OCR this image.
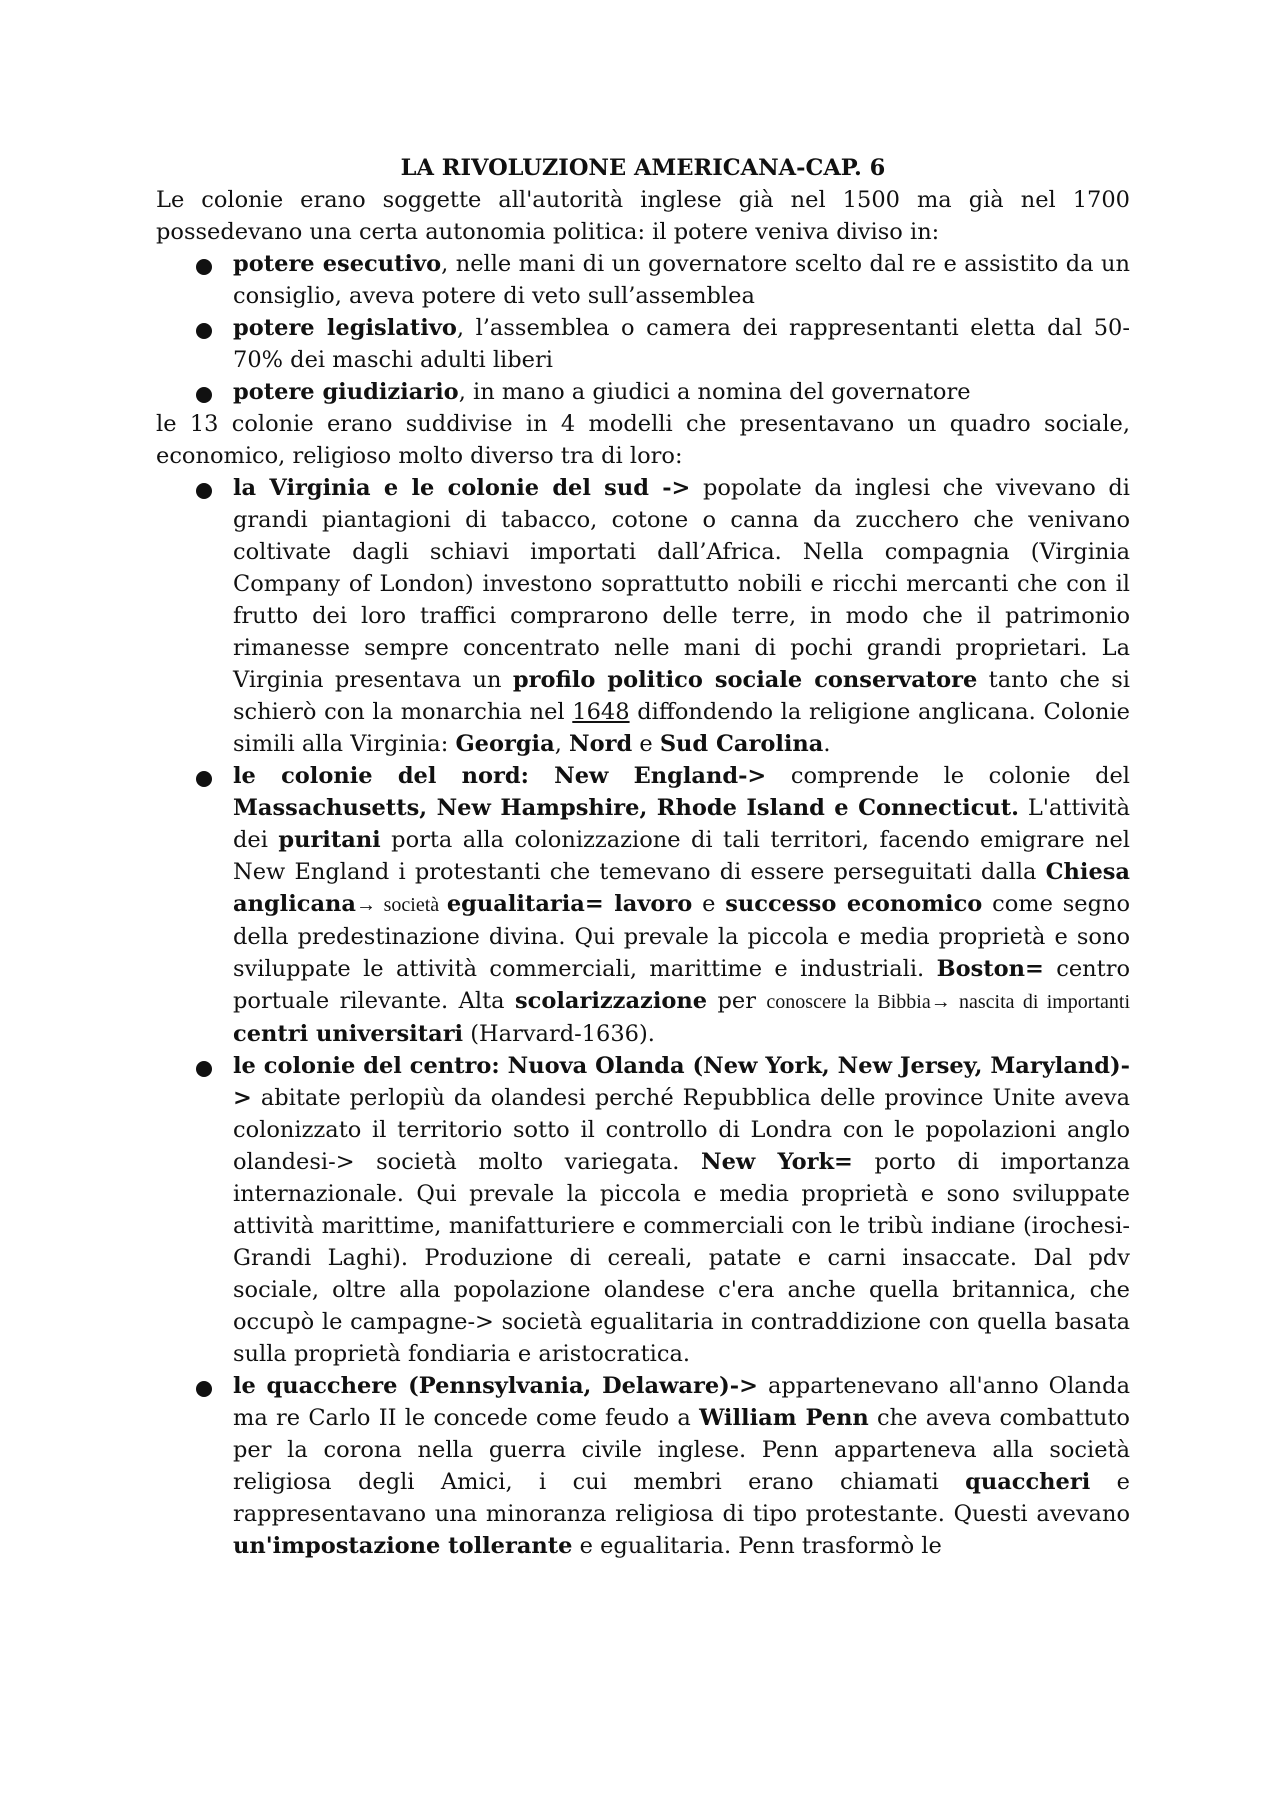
LA RIVOLUZIONE AMERICANA-CAP. 6

Le colonie erano soggette all'autorità inglese già nel 1500 ma già nel 1700 possedevano una certa autonomia politica: il potere veniva diviso in:

potere esecutivo, nelle mani di un governatore scelto dal re e assistito da un consiglio, aveva potere di veto sull’assemblea
potere legislativo, l’assemblea o camera dei rappresentanti eletta dal 50-70% dei maschi adulti liberi
potere giudiziario, in mano a giudici a nomina del governatore

le 13 colonie erano suddivise in 4 modelli che presentavano un quadro sociale, economico, religioso molto diverso tra di loro:

la Virginia e le colonie del sud -> popolate da inglesi che vivevano di grandi piantagioni di tabacco, cotone o canna da zucchero che venivano coltivate dagli schiavi importati dall’Africa. Nella compagnia (Virginia Company of London) investono soprattutto nobili e ricchi mercanti che con il frutto dei loro traffici comprarono delle terre, in modo che il patrimonio rimanesse sempre concentrato nelle mani di pochi grandi proprietari. La Virginia presentava un profilo politico sociale conservatore tanto che si schierò con la monarchia nel 1648 diffondendo la religione anglicana. Colonie simili alla Virginia: Georgia, Nord e Sud Carolina.
le colonie del nord: New England-> comprende le colonie del Massachusetts, New Hampshire, Rhode Island e Connecticut. L'attività dei puritani porta alla colonizzazione di tali territori, facendo emigrare nel New England i protestanti che temevano di essere perseguitati dalla Chiesa anglicana→ società egualitaria= lavoro e successo economico come segno della predestinazione divina. Qui prevale la piccola e media proprietà e sono sviluppate le attività commerciali, marittime e industriali. Boston= centro portuale rilevante. Alta scolarizzazione per conoscere la Bibbia→ nascita di importanti centri universitari (Harvard-1636).
le colonie del centro: Nuova Olanda (New York, New Jersey, Maryland)-> abitate perlopiù da olandesi perché Repubblica delle province Unite aveva colonizzato il territorio sotto il controllo di Londra con le popolazioni anglo olandesi-> società molto variegata. New York= porto di importanza internazionale. Qui prevale la piccola e media proprietà e sono sviluppate attività marittime, manifatturiere e commerciali con le tribù indiane (irochesi-Grandi Laghi). Produzione di cereali, patate e carni insaccate. Dal pdv sociale, oltre alla popolazione olandese c'era anche quella britannica, che occupò le campagne-> società egualitaria in contraddizione con quella basata sulla proprietà fondiaria e aristocratica.
le quacchere (Pennsylvania, Delaware)-> appartenevano all'anno Olanda ma re Carlo II le concede come feudo a William Penn che aveva combattuto per la corona nella guerra civile inglese. Penn apparteneva alla società religiosa degli Amici, i cui membri erano chiamati quaccheri e rappresentavano una minoranza religiosa di tipo protestante. Questi avevano un'impostazione tollerante e egualitaria. Penn trasformò le
